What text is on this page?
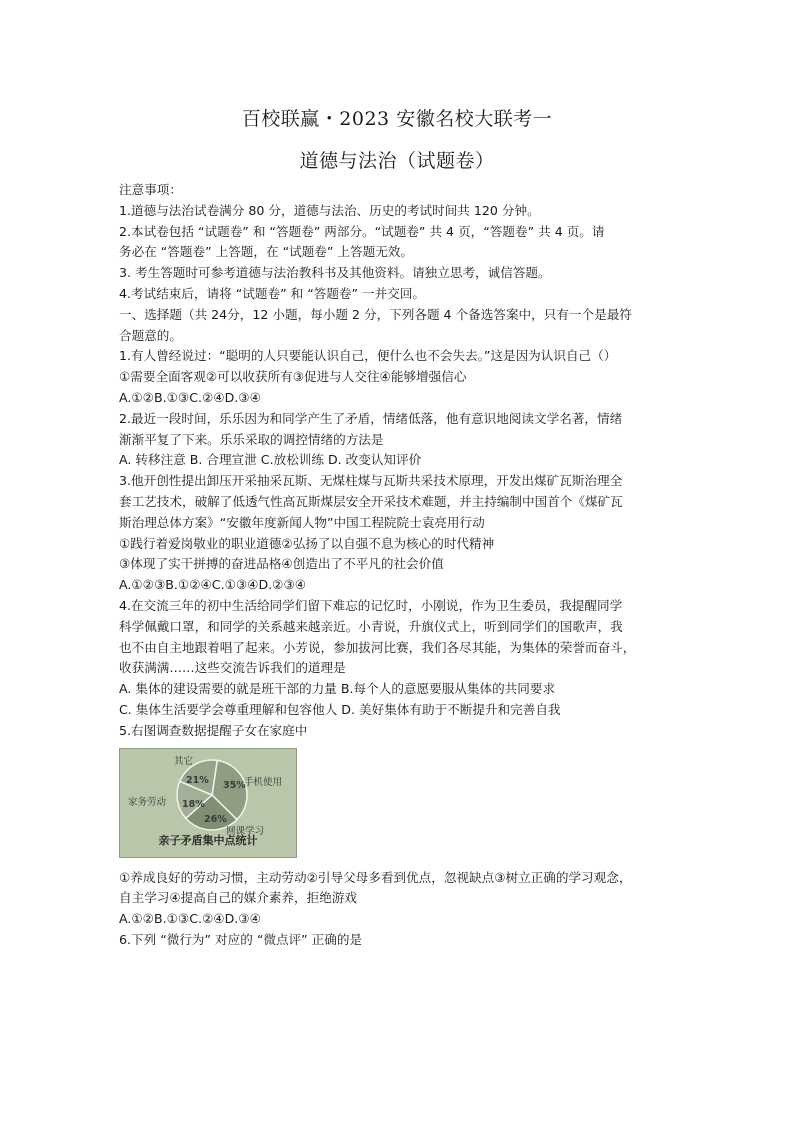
百校联赢・2023 安徽名校大联考一
道德与法治（试题卷）
注意事项：
1.道德与法治试卷满分 80 分，道德与法治、历史的考试时间共 120 分钟。
2.本试卷包括 “试题卷” 和 “答题卷” 两部分。“试题卷” 共 4 页，“答题卷” 共 4 页。请
务必在 “答题卷” 上答题，在 “试题卷” 上答题无效。
3. 考生答题时可参考道德与法治教科书及其他资料。请独立思考，诚信答题。
4.考试结束后，请将 “试题卷” 和 “答题卷” 一并交回。
一、选择题（共 24分，12 小题，每小题 2 分，下列各题 4 个备选答案中，只有一个是最符
合题意的。
1.有人曾经说过：“聪明的人只要能认识自己，便什么也不会失去。”这是因为认识自己（）
①需要全面客观②可以收获所有③促进与人交往④能够增强信心
A.①②B.①③C.②④D.③④
2.最近一段时间，乐乐因为和同学产生了矛盾，情绪低落，他有意识地阅读文学名著，情绪
渐渐平复了下来。乐乐采取的调控情绪的方法是
A. 转移注意 B. 合理宣泄 C.放松训练 D. 改变认知评价
3.他开创性提出卸压开采抽采瓦斯、无煤柱煤与瓦斯共采技术原理，开发出煤矿瓦斯治理全
套工艺技术，破解了低透气性高瓦斯煤层安全开采技术难题，并主持编制中国首个《煤矿瓦
斯治理总体方案》“安徽年度新闻人物”中国工程院院士袁亮用行动
①践行着爱岗敬业的职业道德②弘扬了以自强不息为核心的时代精神
③体现了实干拼搏的奋进品格④创造出了不平凡的社会价值
A.①②③B.①②④C.①③④D.②③④
4.在交流三年的初中生活给同学们留下难忘的记忆时，小刚说，作为卫生委员，我提醒同学
科学佩戴口罩，和同学的关系越来越亲近。小青说，升旗仪式上，听到同学们的国歌声，我
也不由自主地跟着唱了起来。小芳说，参加拔河比赛，我们各尽其能，为集体的荣誉而奋斗，
收获满满……这些交流告诉我们的道理是
A. 集体的建设需要的就是班干部的力量 B.每个人的意愿要服从集体的共同要求
C. 集体生活要学会尊重理解和包容他人 D. 美好集体有助于不断提升和完善自我
5.右图调查数据提醒子女在家庭中
其它
手机使用
家务劳动
网课学习
21% 35%
18%
26%
亲子矛盾集中点统计
①养成良好的劳动习惯，主动劳动②引导父母多看到优点，忽视缺点③树立正确的学习观念，
自主学习④提高自己的媒介素养，拒绝游戏
A.①②B.①③C.②④D.③④
6.下列 “微行为” 对应的 “微点评” 正确的是
